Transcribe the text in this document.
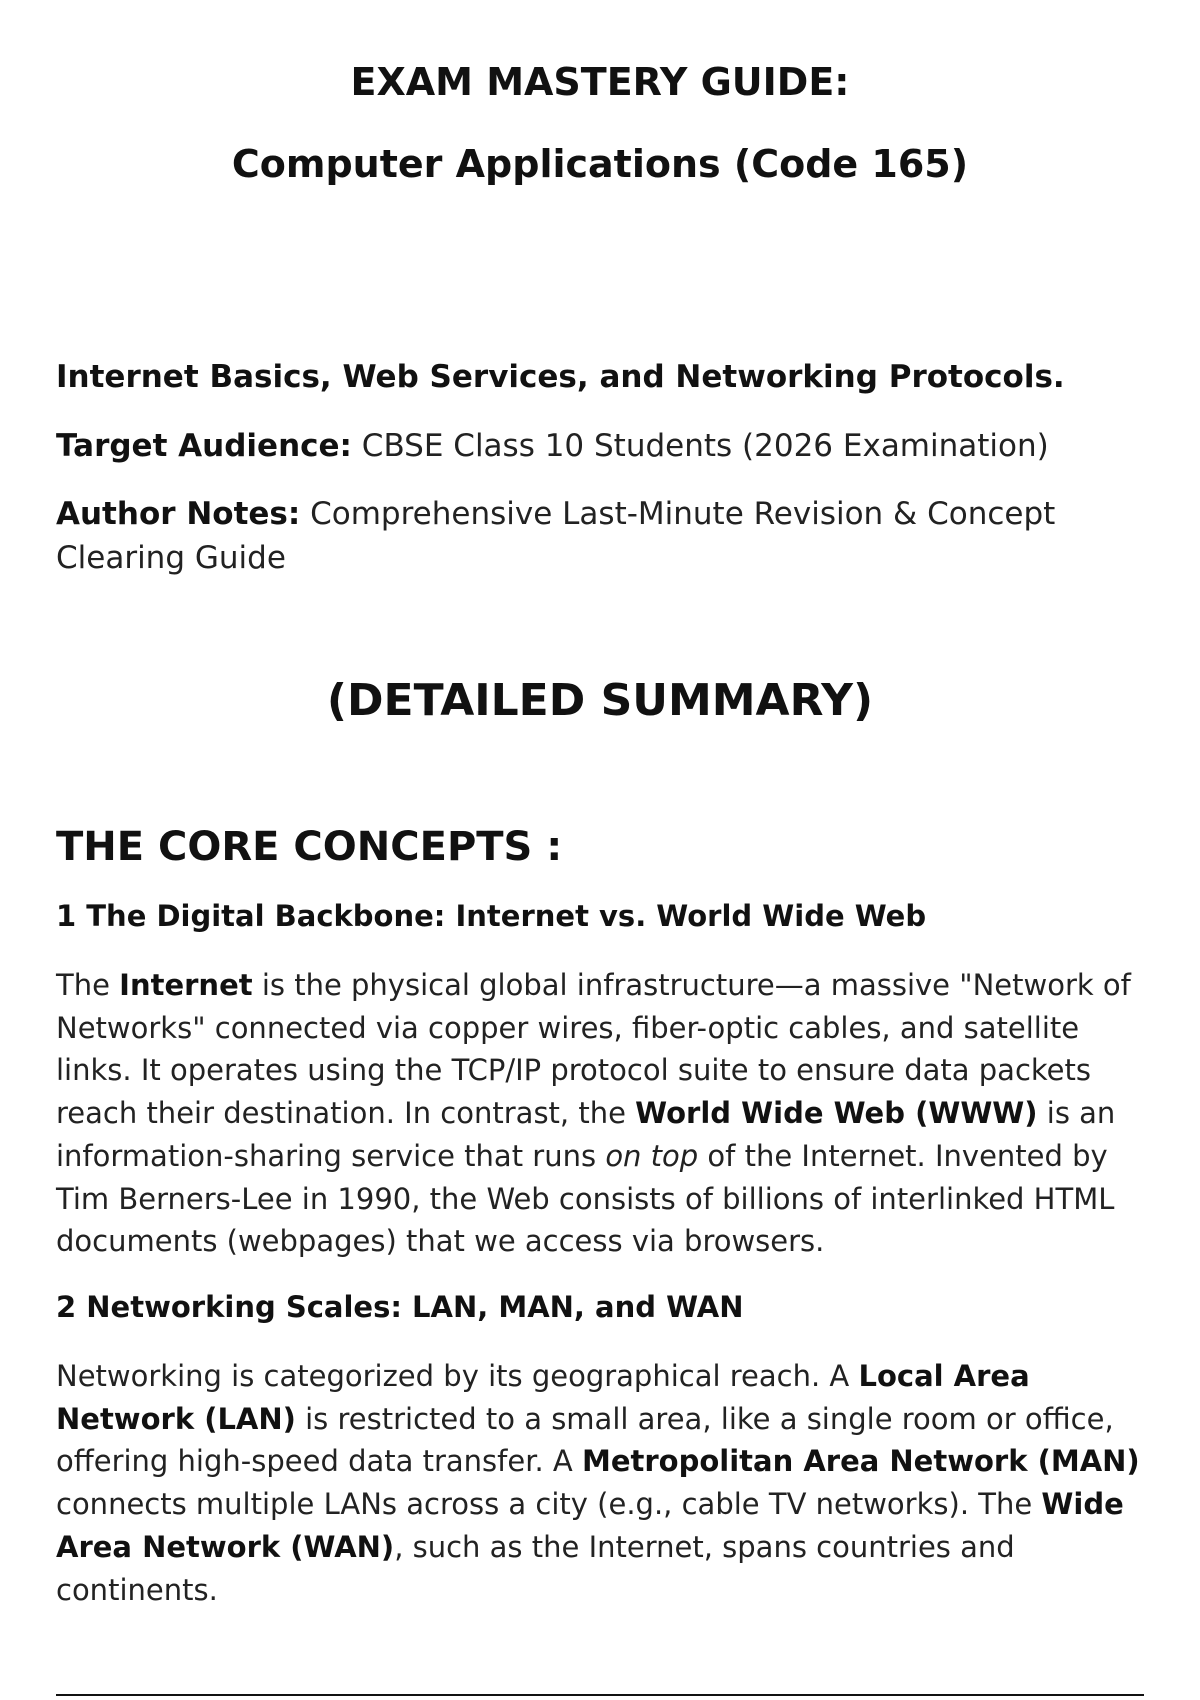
EXAM MASTERY GUIDE:
Computer Applications (Code 165)
Internet Basics, Web Services, and Networking Protocols.
Target Audience: CBSE Class 10 Students (2026 Examination)
Author Notes: Comprehensive Last-Minute Revision & Concept Clearing Guide
(DETAILED SUMMARY)
THE CORE CONCEPTS :
1 The Digital Backbone: Internet vs. World Wide Web

The Internet is the physical global infrastructure—a massive "Network of Networks" connected via copper wires, fiber-optic cables, and satellite links. It operates using the TCP/IP protocol suite to ensure data packets reach their destination. In contrast, the World Wide Web (WWW) is an information-sharing service that runs on top of the Internet. Invented by Tim Berners-Lee in 1990, the Web consists of billions of interlinked HTML documents (webpages) that we access via browsers.

2 Networking Scales: LAN, MAN, and WAN

Networking is categorized by its geographical reach. A Local Area Network (LAN) is restricted to a small area, like a single room or office, offering high-speed data transfer. A Metropolitan Area Network (MAN) connects multiple LANs across a city (e.g., cable TV networks). The Wide Area Network (WAN), such as the Internet, spans countries and continents.
